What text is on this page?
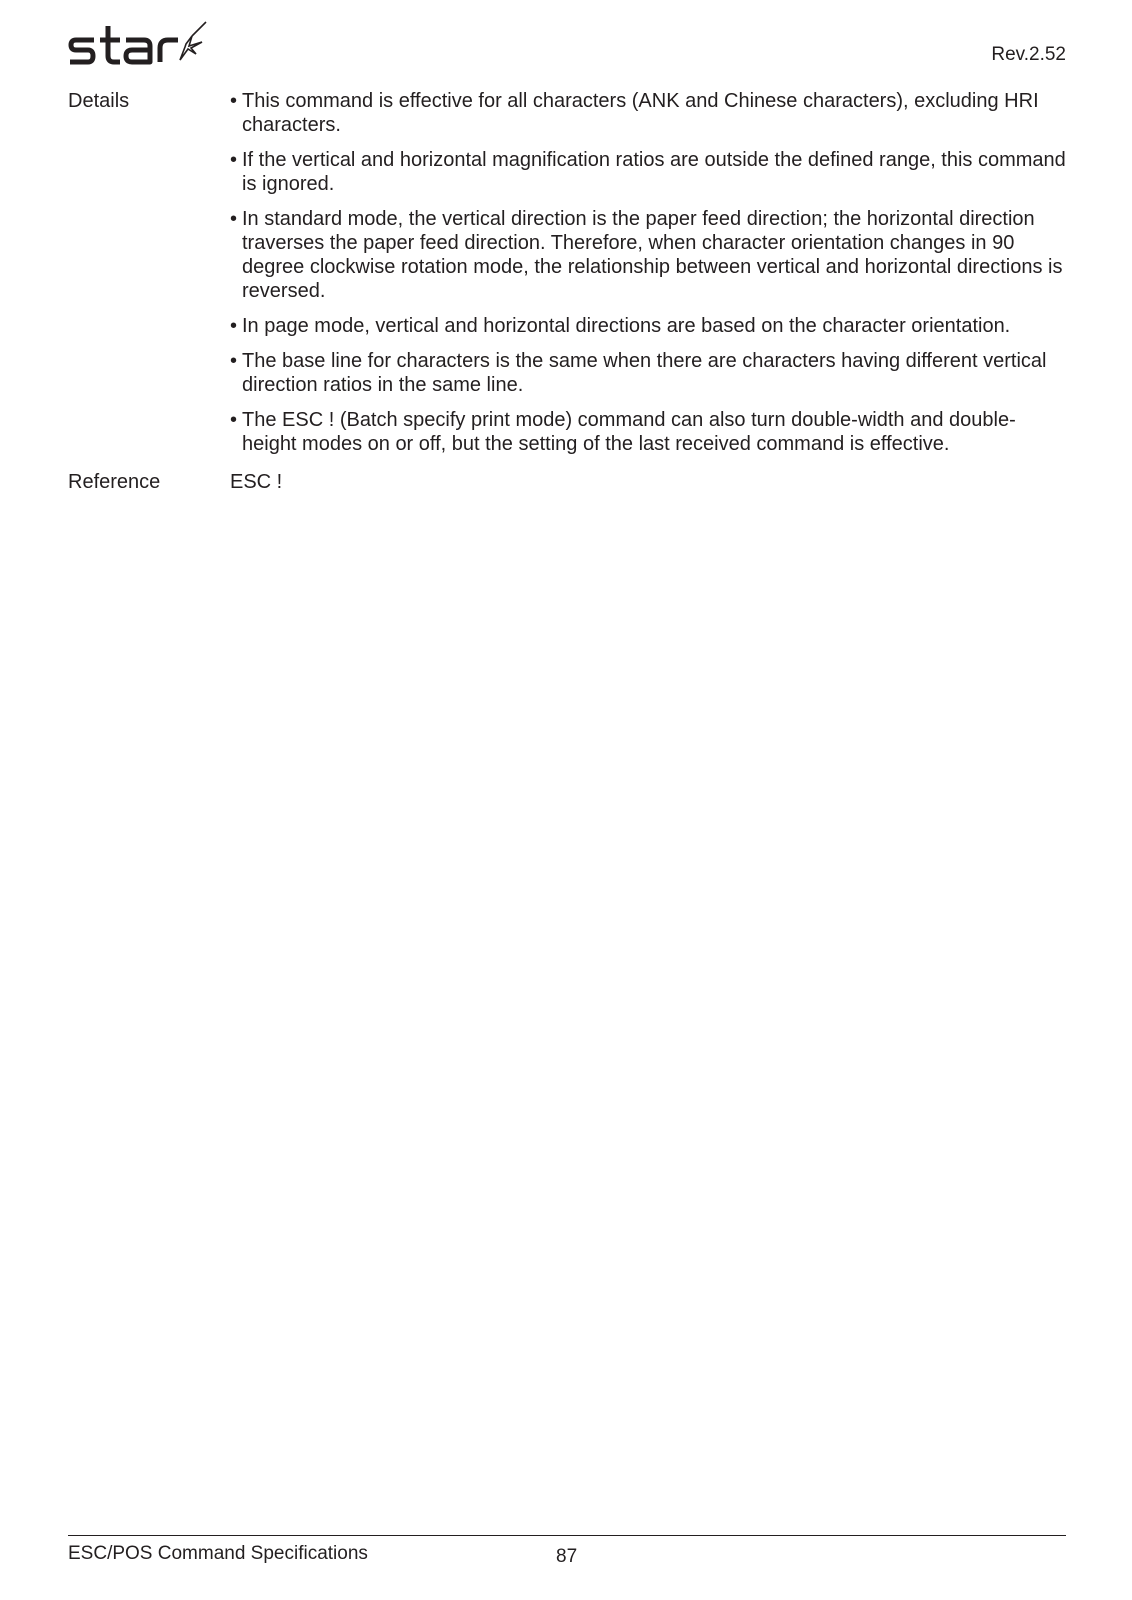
Rev.2.52
Details
•	This command is effective for all characters (ANK and Chinese characters), excluding HRI characters.
• If the vertical and horizontal magnification ratios are outside the defined range, this command is ignored.
• In standard mode, the vertical direction is the paper feed direction; the horizontal direction traverses the paper feed direction. Therefore, when character orientation changes in 90 degree clockwise rotation mode, the relationship between vertical and horizontal directions is reversed.
• In page mode, vertical and horizontal directions are based on the character orientation.
• The base line for characters is the same when there are characters having different vertical direction ratios in the same line.
• The ESC ! (Batch specify print mode) command can also turn double-width and double-height modes on or off, but the setting of the last received command is effective.
Reference	ESC !
ESC/POS Command Specifications	87
